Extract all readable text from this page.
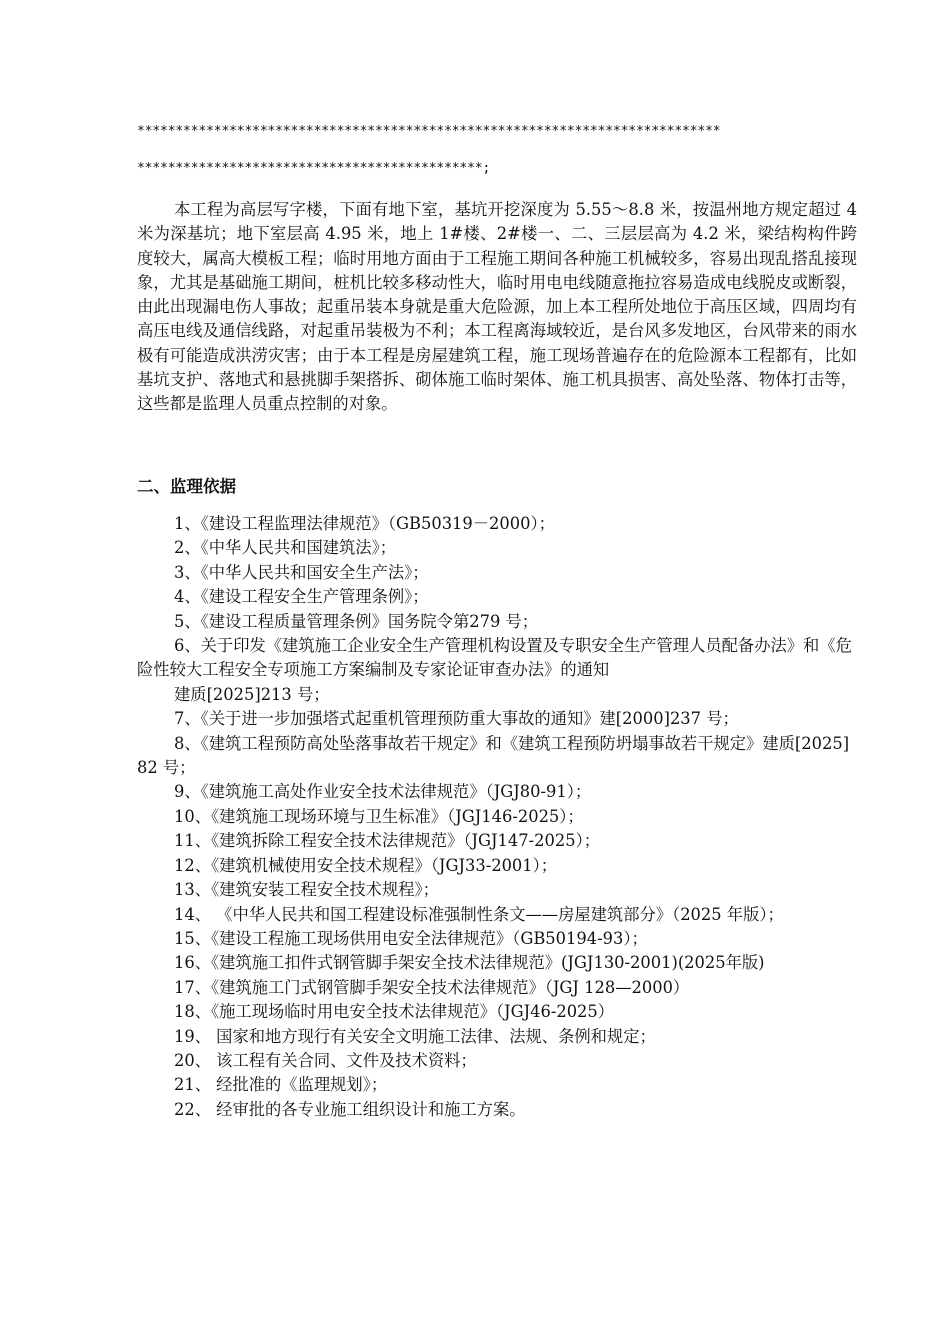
****************************************************************************
*********************************************;

本工程为高层写字楼，下面有地下室，基坑开挖深度为 5.55～8.8 米，按温州地方规定超过 4 米为深基坑；地下室层高 4.95 米，地上 1#楼、2#楼一、二、三层层高为 4.2 米，梁结构构件跨度较大，属高大模板工程；临时用地方面由于工程施工期间各种施工机械较多，容易出现乱搭乱接现象，尤其是基础施工期间，桩机比较多移动性大，临时用电电线随意拖拉容易造成电线脱皮或断裂，由此出现漏电伤人事故；起重吊装本身就是重大危险源，加上本工程所处地位于高压区域，四周均有高压电线及通信线路，对起重吊装极为不利；本工程离海域较近，是台风多发地区，台风带来的雨水极有可能造成洪涝灾害；由于本工程是房屋建筑工程，施工现场普遍存在的危险源本工程都有，比如基坑支护、落地式和悬挑脚手架搭拆、砌体施工临时架体、施工机具损害、高处坠落、物体打击等，这些都是监理人员重点控制的对象。

二、监理依据
1、《建设工程监理法律规范》（GB50319－2000）；
2、《中华人民共和国建筑法》；
3、《中华人民共和国安全生产法》；
4、《建设工程安全生产管理条例》；
5、《建设工程质量管理条例》国务院令第279 号；
6、关于印发《建筑施工企业安全生产管理机构设置及专职安全生产管理人员配备办法》和《危险性较大工程安全专项施工方案编制及专家论证审查办法》的通知
建质[2025]213 号；
7、《关于进一步加强塔式起重机管理预防重大事故的通知》建[2000]237 号；
8、《建筑工程预防高处坠落事故若干规定》和《建筑工程预防坍塌事故若干规定》建质[2025]82 号；
9、《建筑施工高处作业安全技术法律规范》（JGJ80-91）；
10、《建筑施工现场环境与卫生标准》（JGJ146-2025）；
11、《建筑拆除工程安全技术法律规范》（JGJ147-2025）；
12、《建筑机械使用安全技术规程》（JGJ33-2001）；
13、《建筑安装工程安全技术规程》；
14、 《中华人民共和国工程建设标准强制性条文——房屋建筑部分》（2025 年版）；
15、《建设工程施工现场供用电安全法律规范》（GB50194-93）；
16、《建筑施工扣件式钢管脚手架安全技术法律规范》(JGJ130-2001)(2025年版)
17、《建筑施工门式钢管脚手架安全技术法律规范》（JGJ 128—2000）
18、《施工现场临时用电安全技术法律规范》（JGJ46-2025）
19、 国家和地方现行有关安全文明施工法律、法规、条例和规定；
20、 该工程有关合同、文件及技术资料；
21、 经批准的《监理规划》；
22、 经审批的各专业施工组织设计和施工方案。
